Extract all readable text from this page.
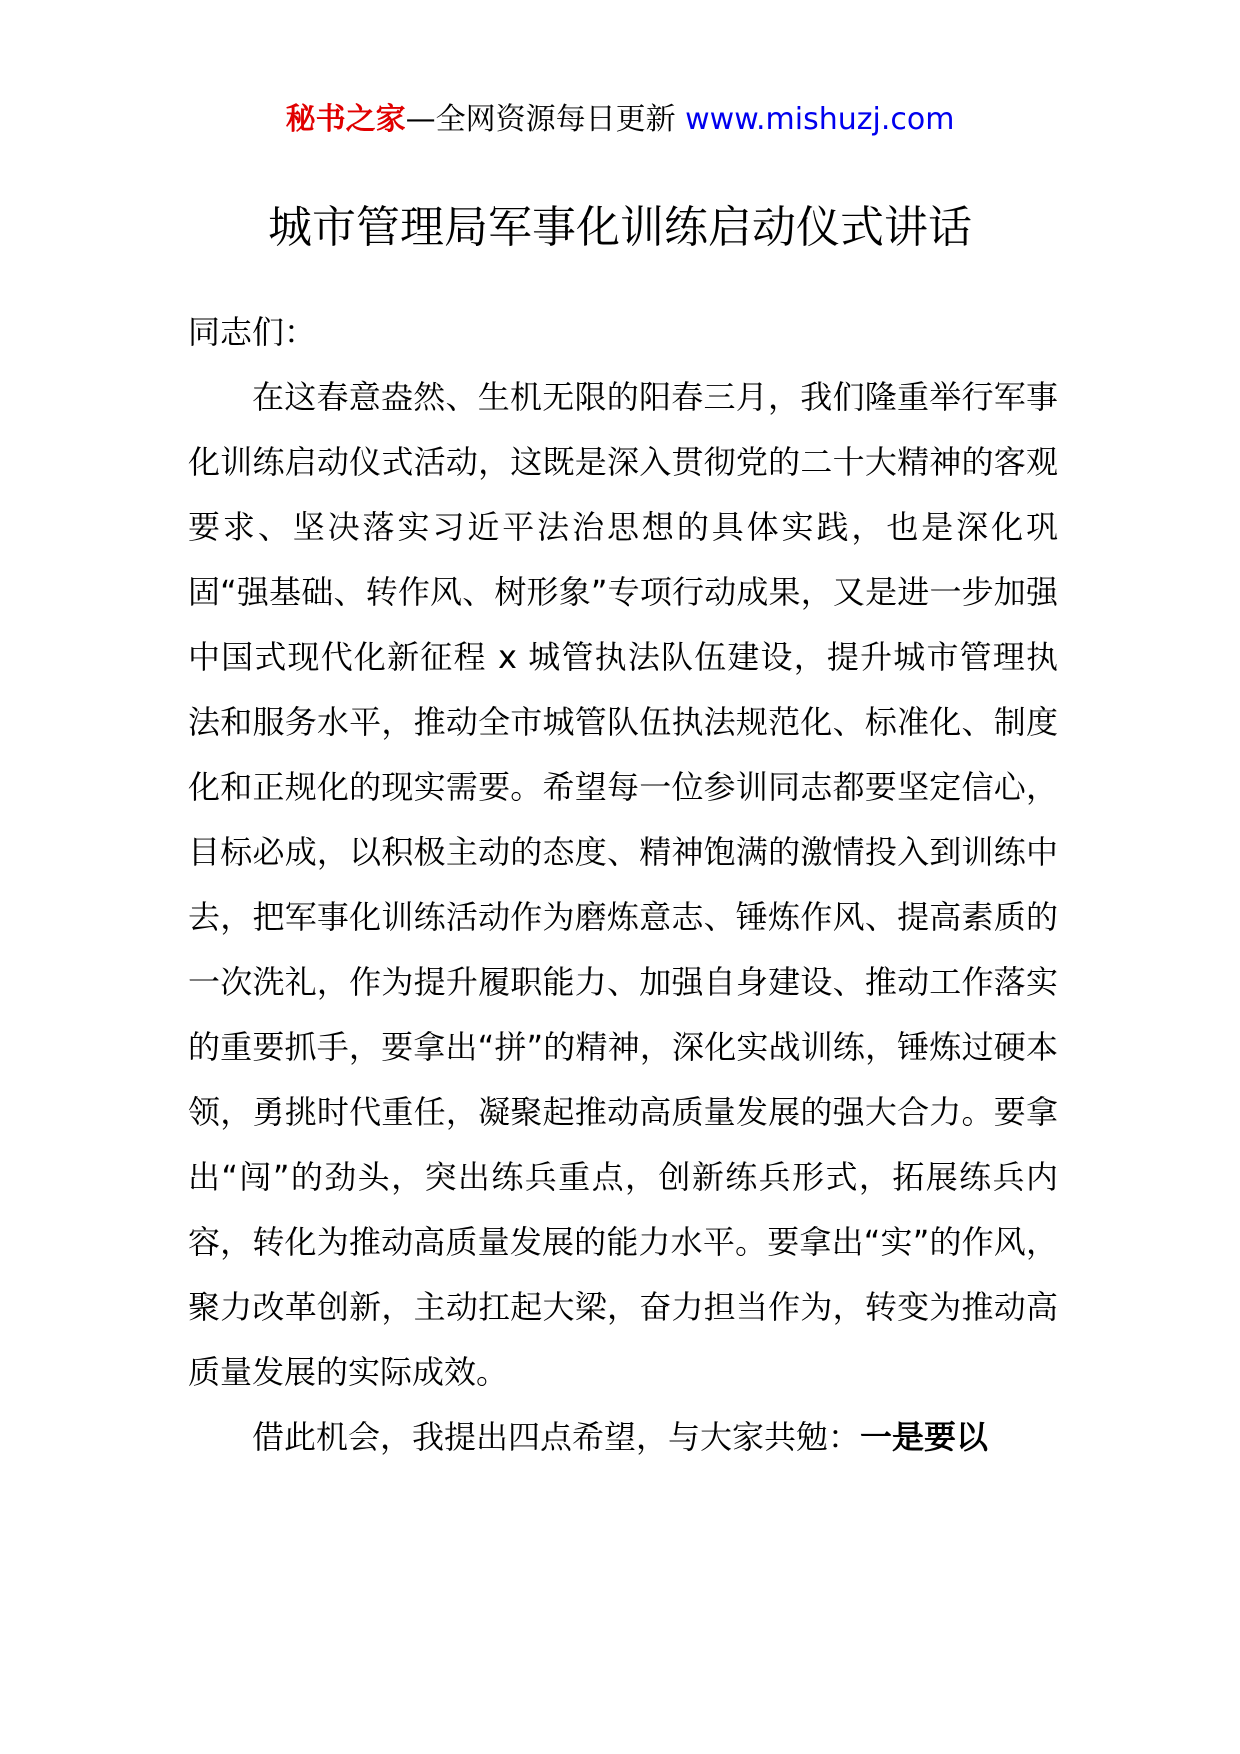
秘书之家—全网资源每日更新 www.mishuzj.com
城市管理局军事化训练启动仪式讲话

同志们：

在这春意盎然、生机无限的阳春三月，我们隆重举行军事化训练启动仪式活动，这既是深入贯彻党的二十大精神的客观要求、坚决落实习近平法治思想的具体实践，也是深化巩固“强基础、转作风、树形象”专项行动成果，又是进一步加强中国式现代化新征程 x 城管执法队伍建设，提升城市管理执法和服务水平，推动全市城管队伍执法规范化、标准化、制度化和正规化的现实需要。希望每一位参训同志都要坚定信心，目标必成，以积极主动的态度、精神饱满的激情投入到训练中去，把军事化训练活动作为磨炼意志、锤炼作风、提高素质的一次洗礼，作为提升履职能力、加强自身建设、推动工作落实的重要抓手，要拿出“拼”的精神，深化实战训练，锤炼过硬本领，勇挑时代重任，凝聚起推动高质量发展的强大合力。要拿出“闯”的劲头，突出练兵重点，创新练兵形式，拓展练兵内容，转化为推动高质量发展的能力水平。要拿出“实”的作风，聚力改革创新，主动扛起大梁，奋力担当作为，转变为推动高质量发展的实际成效。

借此机会，我提出四点希望，与大家共勉：一是要以
